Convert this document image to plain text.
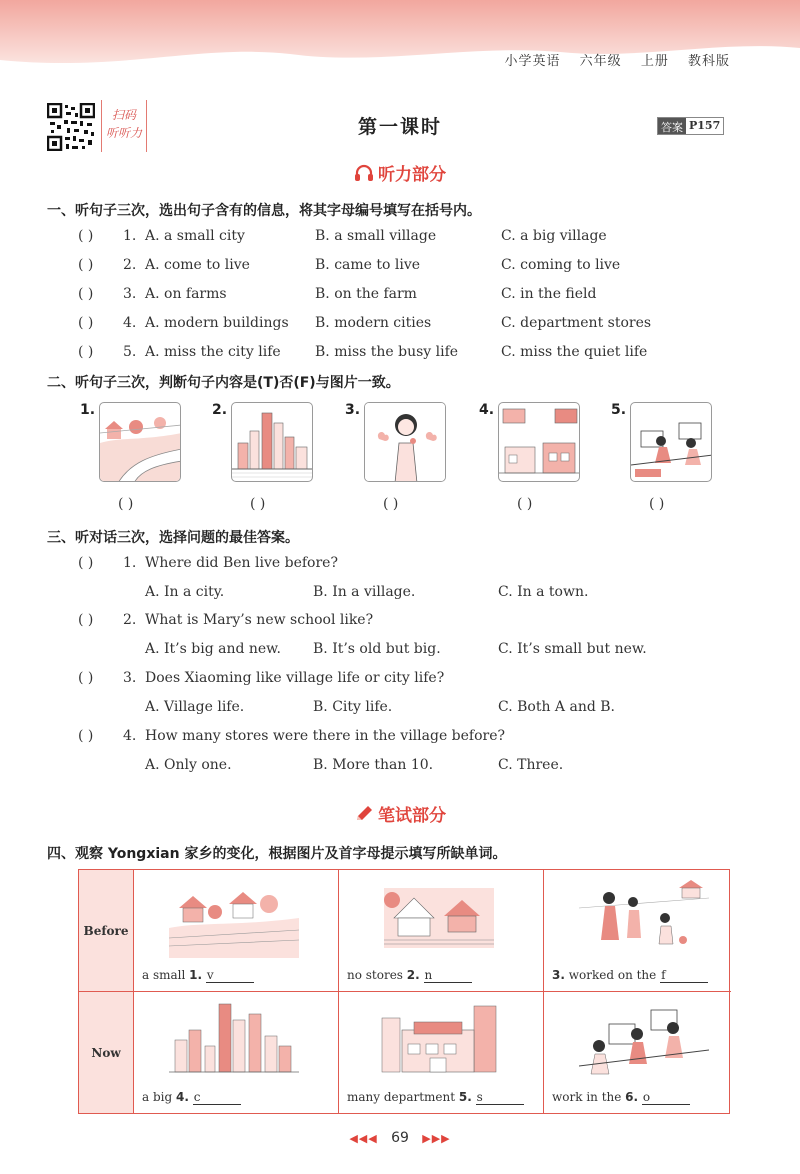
小学英语 六年级 上册 教科版
扫码
听听力	第一课时	答案 P157
听力部分
一、听句子三次，选出句子含有的信息，将其字母编号填写在括号内。
( ) 1. A. a small city	B. a small village	C. a big village
( ) 2. A. come to live	B. came to live	C. coming to live
( ) 3. A. on farms	B. on the farm	C. in the field
( ) 4. A. modern buildings B. modern cities	C. department stores
( ) 5. A. miss the city life B. miss the busy life	C. miss the quiet life
二、听句子三次，判断句子内容是(T)否(F)与图片一致。
1.
( )
2.
( )
3.
( )
4.
( )
5.
( )
三、听对话三次，选择问题的最佳答案。
( ) 1. Where did Ben live before?
A. In a city.	B. In a village.	C. In a town.
( ) 2. What is Mary’s new school like?
A. It’s big and new. B. It’s old but big.	C. It’s small but new.
( ) 3. Does Xiaoming like village life or city life?
A. Village life.	B. City life.	C. Both A and B.
( ) 4. How many stores were there in the village before?
A. Only one.	B. More than 10.	C. Three.
笔试部分
四、观察 Yongxian 家乡的变化，根据图片及首字母提示填写所缺单词。
Before
Now
a small 1. v	no stores 2. n	3. worked on the f
a big 4. c	many department 5. s	work in the 6. o
◀◀◀ 69 ▶▶▶
